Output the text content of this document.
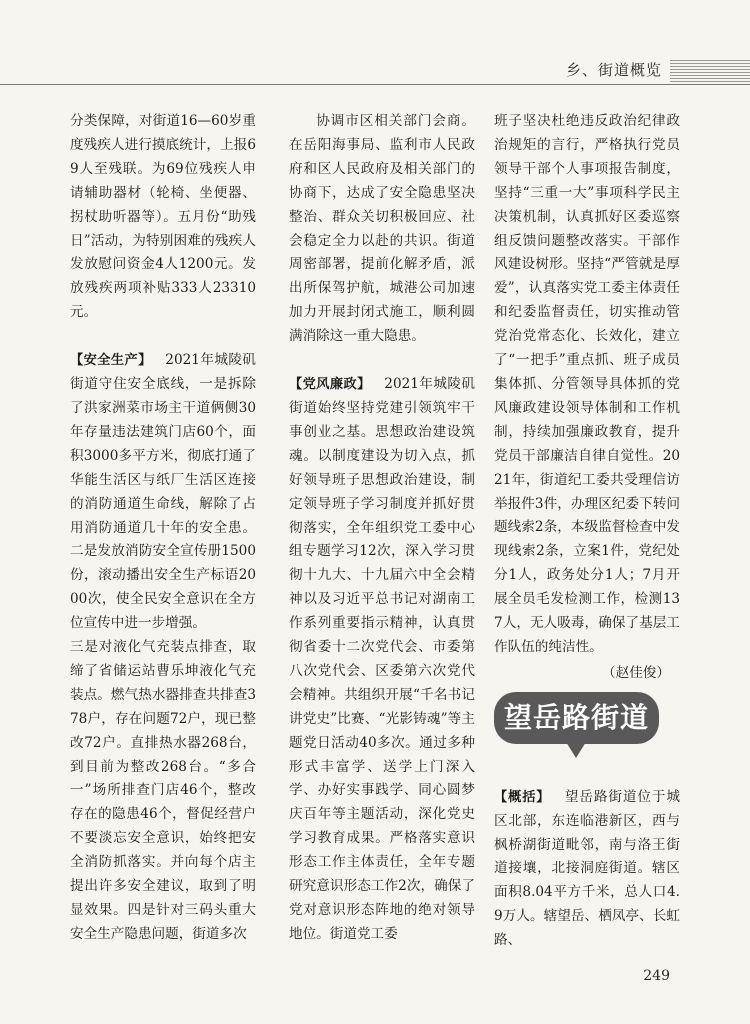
乡、街道概览

分类保障，对街道16—60岁重度残疾人进行摸底统计，上报69人至残联。为69位残疾人申请辅助器材（轮椅、坐便器、拐杖助听器等）。五月份“助残日”活动，为特别困难的残疾人发放慰问资金4人1200元。发放残疾两项补贴333人23310元。

【安全生产】  2021年城陵矶街道守住安全底线，一是拆除了洪家洲菜市场主干道俩侧30年存量违法建筑门店60个，面积3000多平方米，彻底打通了华能生活区与纸厂生活区连接的消防通道生命线，解除了占用消防通道几十年的安全患。二是发放消防安全宣传册1500份，滚动播出安全生产标语2000次，使全民安全意识在全方位宣传中进一步增强。

三是对液化气充装点排查，取缔了省储运站曹乐坤液化气充装点。燃气热水器排查共排查378户，存在问题72户，现已整改72户。直排热水器268台，到目前为整改268台。“多合一”场所排查门店46个，整改存在的隐患46个，督促经营户不要淡忘安全意识，始终把安全消防抓落实。并向每个店主提出许多安全建议，取到了明显效果。四是针对三码头重大安全生产隐患问题，街道多次

协调市区相关部门会商。在岳阳海事局、监利市人民政府和区人民政府及相关部门的协商下，达成了安全隐患坚决整治、群众关切积极回应、社会稳定全力以赴的共识。街道周密部署，提前化解矛盾，派出所保驾护航，城港公司加速加力开展封闭式施工，顺利圆满消除这一重大隐患。

【党风廉政】  2021年城陵矶街道始终坚持党建引领筑牢干事创业之基。思想政治建设筑魂。以制度建设为切入点，抓好领导班子思想政治建设，制定领导班子学习制度并抓好贯彻落实，全年组织党工委中心组专题学习12次，深入学习贯彻十九大、十九届六中全会精神以及习近平总书记对湖南工作系列重要指示精神，认真贯彻省委十二次党代会、市委第八次党代会、区委第六次党代会精神。共组织开展“千名书记讲党史”比赛、“光影铸魂”等主题党日活动40多次。通过多种形式丰富学、送学上门深入学、办好实事践学、同心圆梦庆百年等主题活动，深化党史学习教育成果。严格落实意识形态工作主体责任，全年专题研究意识形态工作2次，确保了党对意识形态阵地的绝对领导地位。街道党工委

班子坚决杜绝违反政治纪律政治规矩的言行，严格执行党员领导干部个人事项报告制度，坚持“三重一大”事项科学民主决策机制，认真抓好区委巡察组反馈问题整改落实。干部作风建设树形。坚持“严管就是厚爱”，认真落实党工委主体责任和纪委监督责任，切实推动管党治党常态化、长效化，建立了“一把手”重点抓、班子成员集体抓、分管领导具体抓的党风廉政建设领导体制和工作机制，持续加强廉政教育，提升党员干部廉洁自律自觉性。2021年，街道纪工委共受理信访举报件3件，办理区纪委下转问题线索2条，本级监督检查中发现线索2条，立案1件，党纪处分1人，政务处分1人；7月开展全员毛发检测工作，检测137人，无人吸毒，确保了基层工作队伍的纯洁性。

（赵佳俊）

望岳路街道

【概括】  望岳路街道位于城区北部，东连临港新区，西与枫桥湖街道毗邻，南与洛王街道接壤，北接洞庭街道。辖区面积8.04平方千米，总人口4.9万人。辖望岳、栖凤亭、长虹路、

249
